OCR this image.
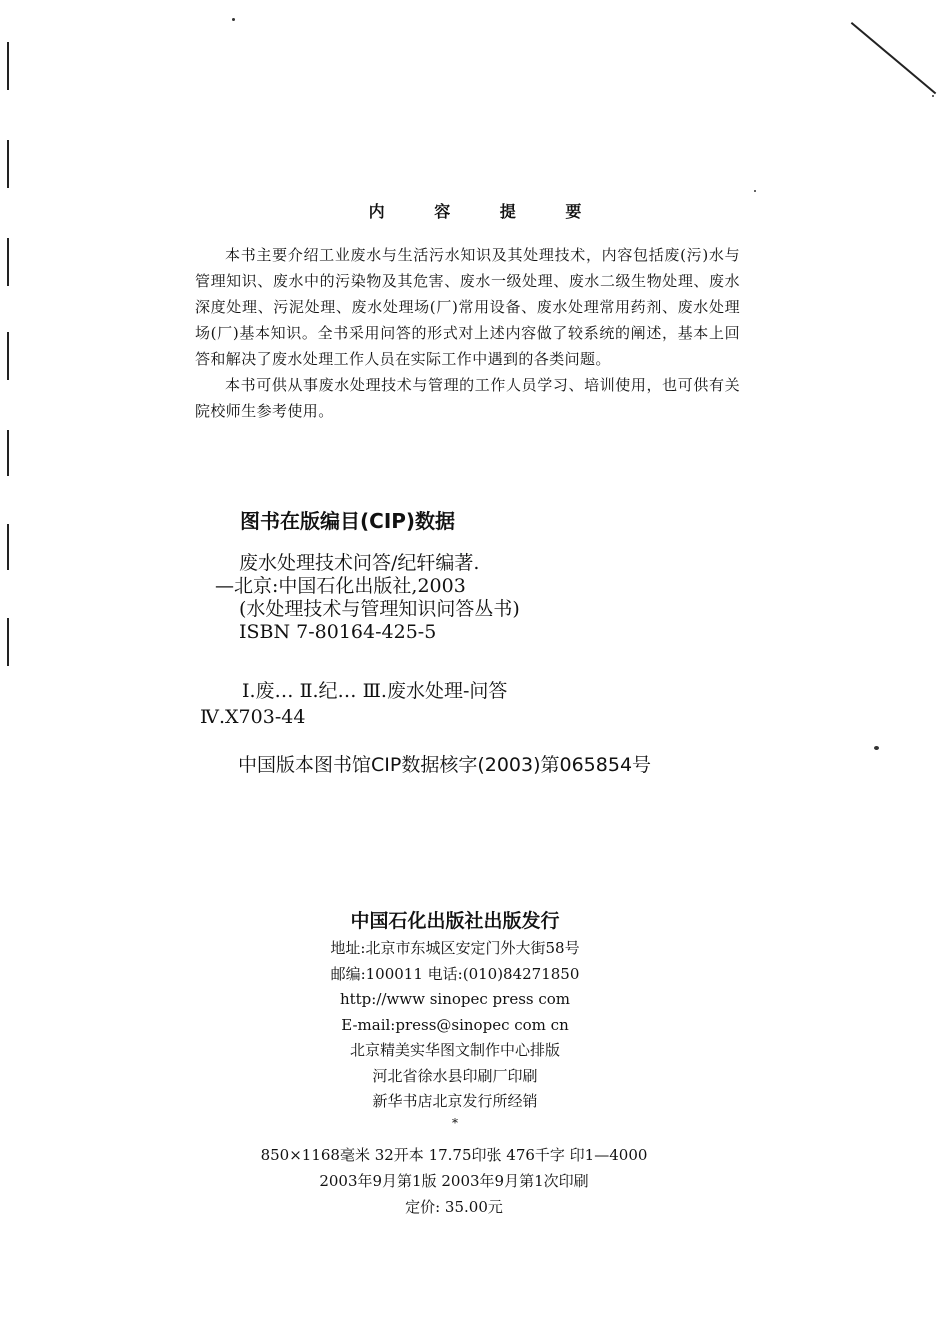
内 容 提 要

本书主要介绍工业废水与生活污水知识及其处理技术，内容包括废(污)水与管理知识、废水中的污染物及其危害、废水一级处理、废水二级生物处理、废水深度处理、污泥处理、废水处理场(厂)常用设备、废水处理常用药剂、废水处理场(厂)基本知识。全书采用问答的形式对上述内容做了较系统的阐述，基本上回答和解决了废水处理工作人员在实际工作中遇到的各类问题。

本书可供从事废水处理技术与管理的工作人员学习、培训使用，也可供有关院校师生参考使用。

图书在版编目(CIP)数据
废水处理技术问答/纪轩编著.
—北京:中国石化出版社,2003
(水处理技术与管理知识问答丛书)
ISBN 7-80164-425-5
Ⅰ.废… Ⅱ.纪… Ⅲ.废水处理-问答
Ⅳ.X703-44
中国版本图书馆CIP数据核字(2003)第065854号
中国石化出版社出版发行
地址:北京市东城区安定门外大街58号
邮编:100011 电话:(010)84271850
http://www sinopec press com
E-mail:press@sinopec com cn
北京精美实华图文制作中心排版
河北省徐水县印刷厂印刷
新华书店北京发行所经销
*
850×1168毫米 32开本 17.75印张 476千字 印1—4000
2003年9月第1版 2003年9月第1次印刷
定价: 35.00元
